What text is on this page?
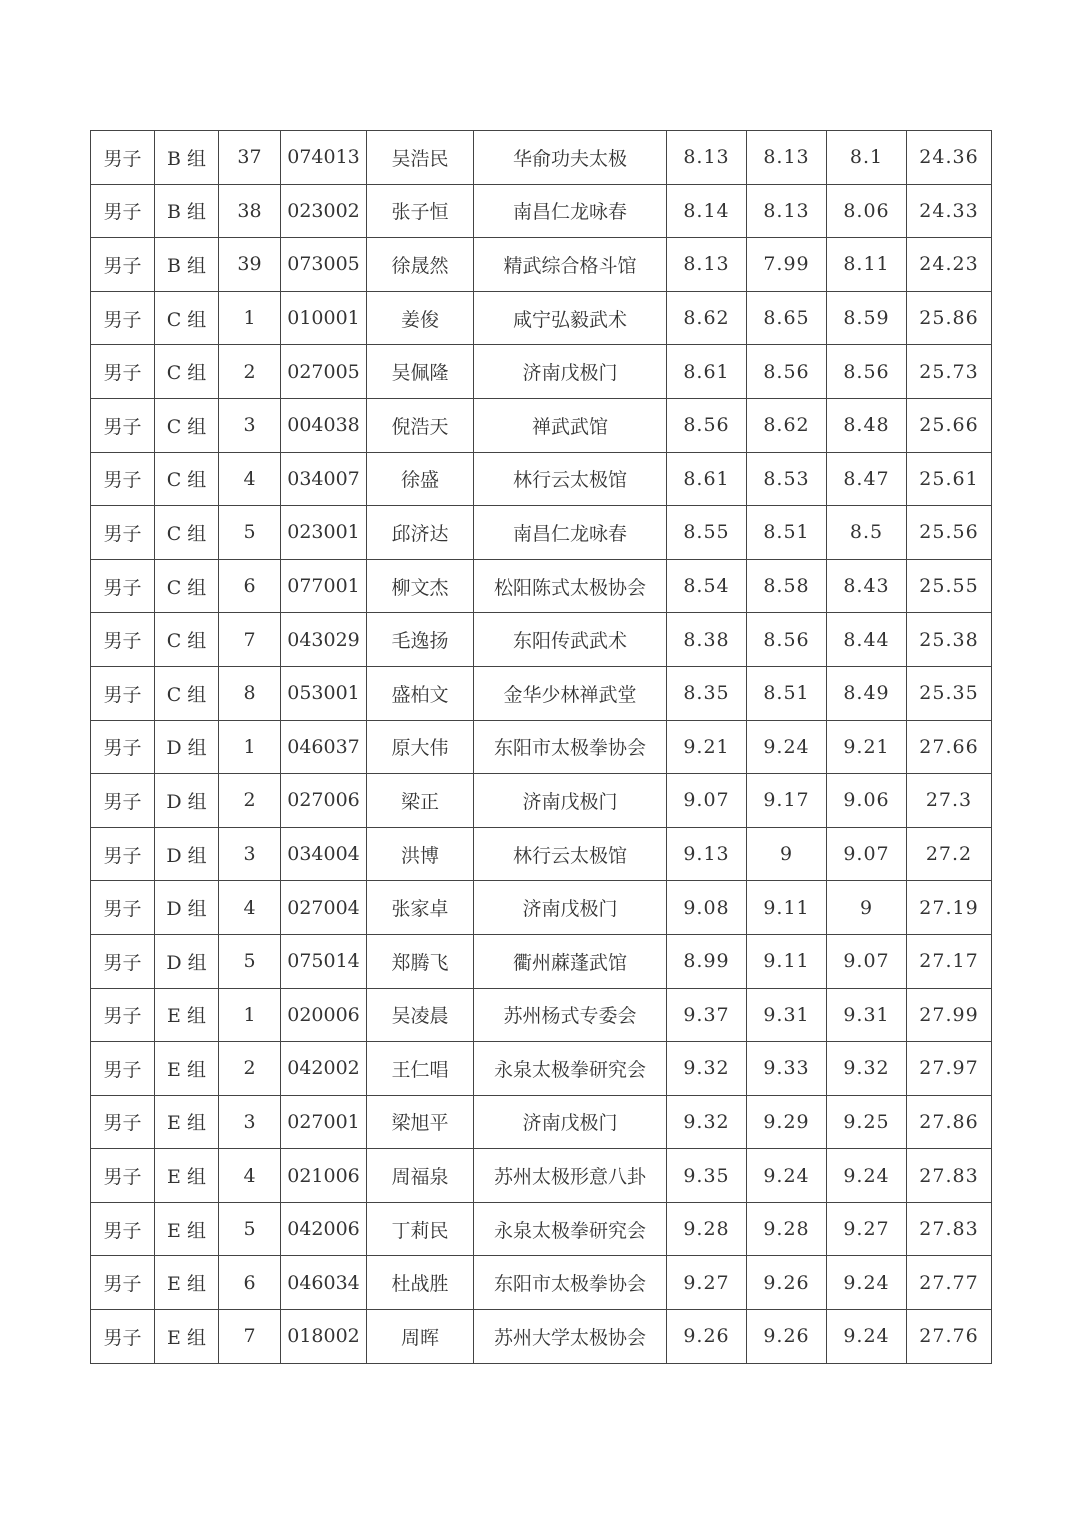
男子	B 组	37	074013	吴浩民	华俞功夫太极	8.13	8.13	8.1	24.36
男子	B 组	38	023002	张子恒	南昌仁龙咏春	8.14	8.13	8.06	24.33
男子	B 组	39	073005	徐晟然	精武综合格斗馆	8.13	7.99	8.11	24.23
男子	C 组	1	010001	姜俊	咸宁弘毅武术	8.62	8.65	8.59	25.86
男子	C 组	2	027005	吴佩隆	济南戊极门	8.61	8.56	8.56	25.73
男子	C 组	3	004038	倪浩天	禅武武馆	8.56	8.62	8.48	25.66
男子	C 组	4	034007	徐盛	林行云太极馆	8.61	8.53	8.47	25.61
男子	C 组	5	023001	邱济达	南昌仁龙咏春	8.55	8.51	8.5	25.56
男子	C 组	6	077001	柳文杰	松阳陈式太极协会	8.54	8.58	8.43	25.55
男子	C 组	7	043029	毛逸扬	东阳传武武术	8.38	8.56	8.44	25.38
男子	C 组	8	053001	盛柏文	金华少林禅武堂	8.35	8.51	8.49	25.35
男子	D 组	1	046037	原大伟	东阳市太极拳协会	9.21	9.24	9.21	27.66
男子	D 组	2	027006	梁正	济南戊极门	9.07	9.17	9.06	27.3
男子	D 组	3	034004	洪博	林行云太极馆	9.13	9	9.07	27.2
男子	D 组	4	027004	张家卓	济南戊极门	9.08	9.11	9	27.19
男子	D 组	5	075014	郑腾飞	衢州蔴蓬武馆	8.99	9.11	9.07	27.17
男子	E 组	1	020006	吴凌晨	苏州杨式专委会	9.37	9.31	9.31	27.99
男子	E 组	2	042002	王仁唱	永泉太极拳研究会	9.32	9.33	9.32	27.97
男子	E 组	3	027001	梁旭平	济南戊极门	9.32	9.29	9.25	27.86
男子	E 组	4	021006	周福泉	苏州太极形意八卦	9.35	9.24	9.24	27.83
男子	E 组	5	042006	丁莉民	永泉太极拳研究会	9.28	9.28	9.27	27.83
男子	E 组	6	046034	杜战胜	东阳市太极拳协会	9.27	9.26	9.24	27.77
男子	E 组	7	018002	周晖	苏州大学太极协会	9.26	9.26	9.24	27.76
